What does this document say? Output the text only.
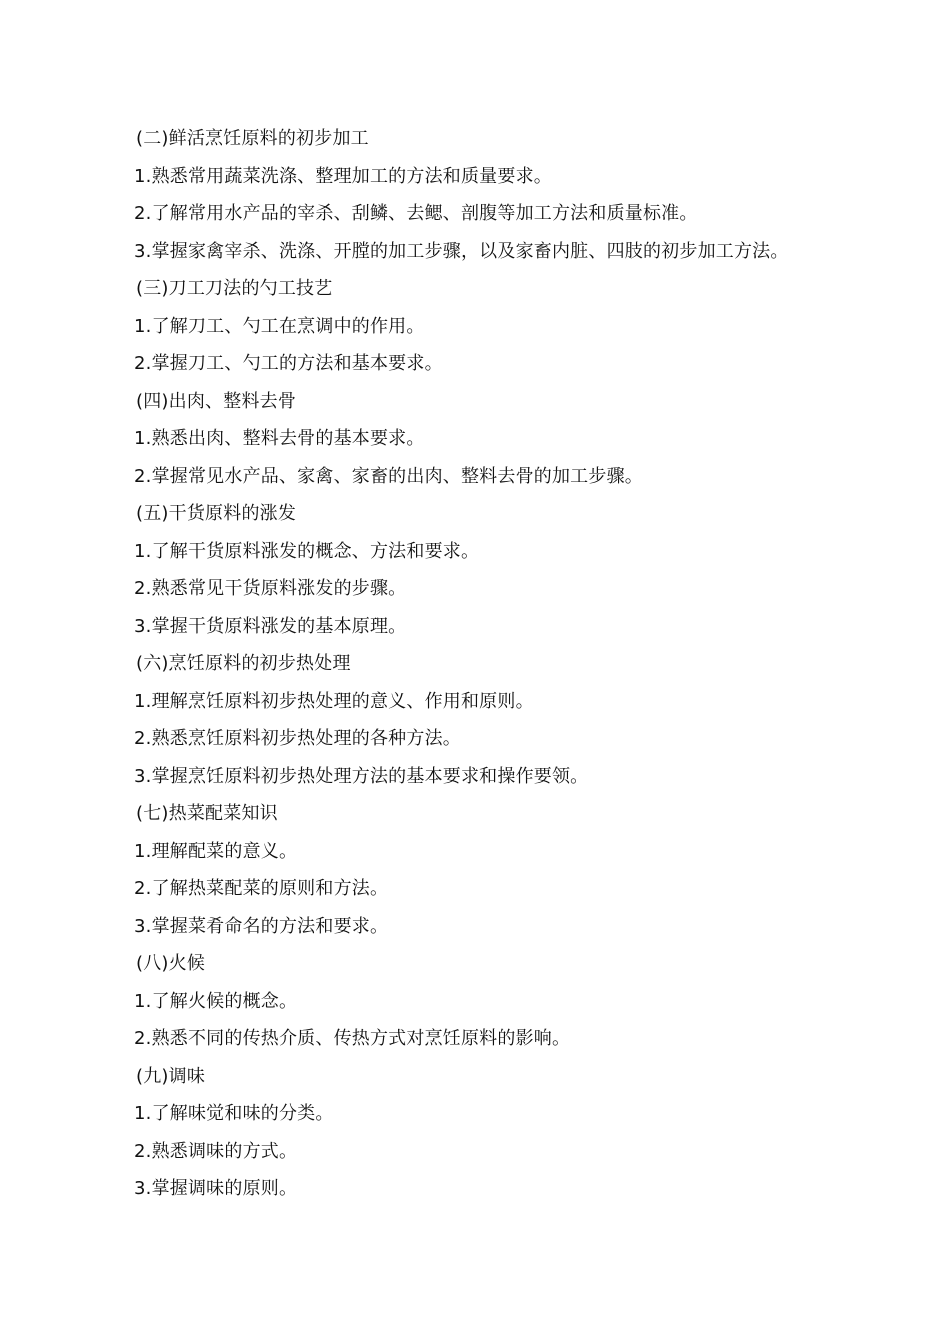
(二)鲜活烹饪原料的初步加工
1.熟悉常用蔬菜洗涤、整理加工的方法和质量要求。
2.了解常用水产品的宰杀、刮鳞、去鳃、剖腹等加工方法和质量标准。
3.掌握家禽宰杀、洗涤、开膛的加工步骤，以及家畜内脏、四肢的初步加工方法。
(三)刀工刀法的勺工技艺
1.了解刀工、勺工在烹调中的作用。
2.掌握刀工、勺工的方法和基本要求。
(四)出肉、整料去骨
1.熟悉出肉、整料去骨的基本要求。
2.掌握常见水产品、家禽、家畜的出肉、整料去骨的加工步骤。
(五)干货原料的涨发
1.了解干货原料涨发的概念、方法和要求。
2.熟悉常见干货原料涨发的步骤。
3.掌握干货原料涨发的基本原理。
(六)烹饪原料的初步热处理
1.理解烹饪原料初步热处理的意义、作用和原则。
2.熟悉烹饪原料初步热处理的各种方法。
3.掌握烹饪原料初步热处理方法的基本要求和操作要领。
(七)热菜配菜知识
1.理解配菜的意义。
2.了解热菜配菜的原则和方法。
3.掌握菜肴命名的方法和要求。
(八)火候
1.了解火候的概念。
2.熟悉不同的传热介质、传热方式对烹饪原料的影响。
(九)调味
1.了解味觉和味的分类。
2.熟悉调味的方式。
3.掌握调味的原则。
